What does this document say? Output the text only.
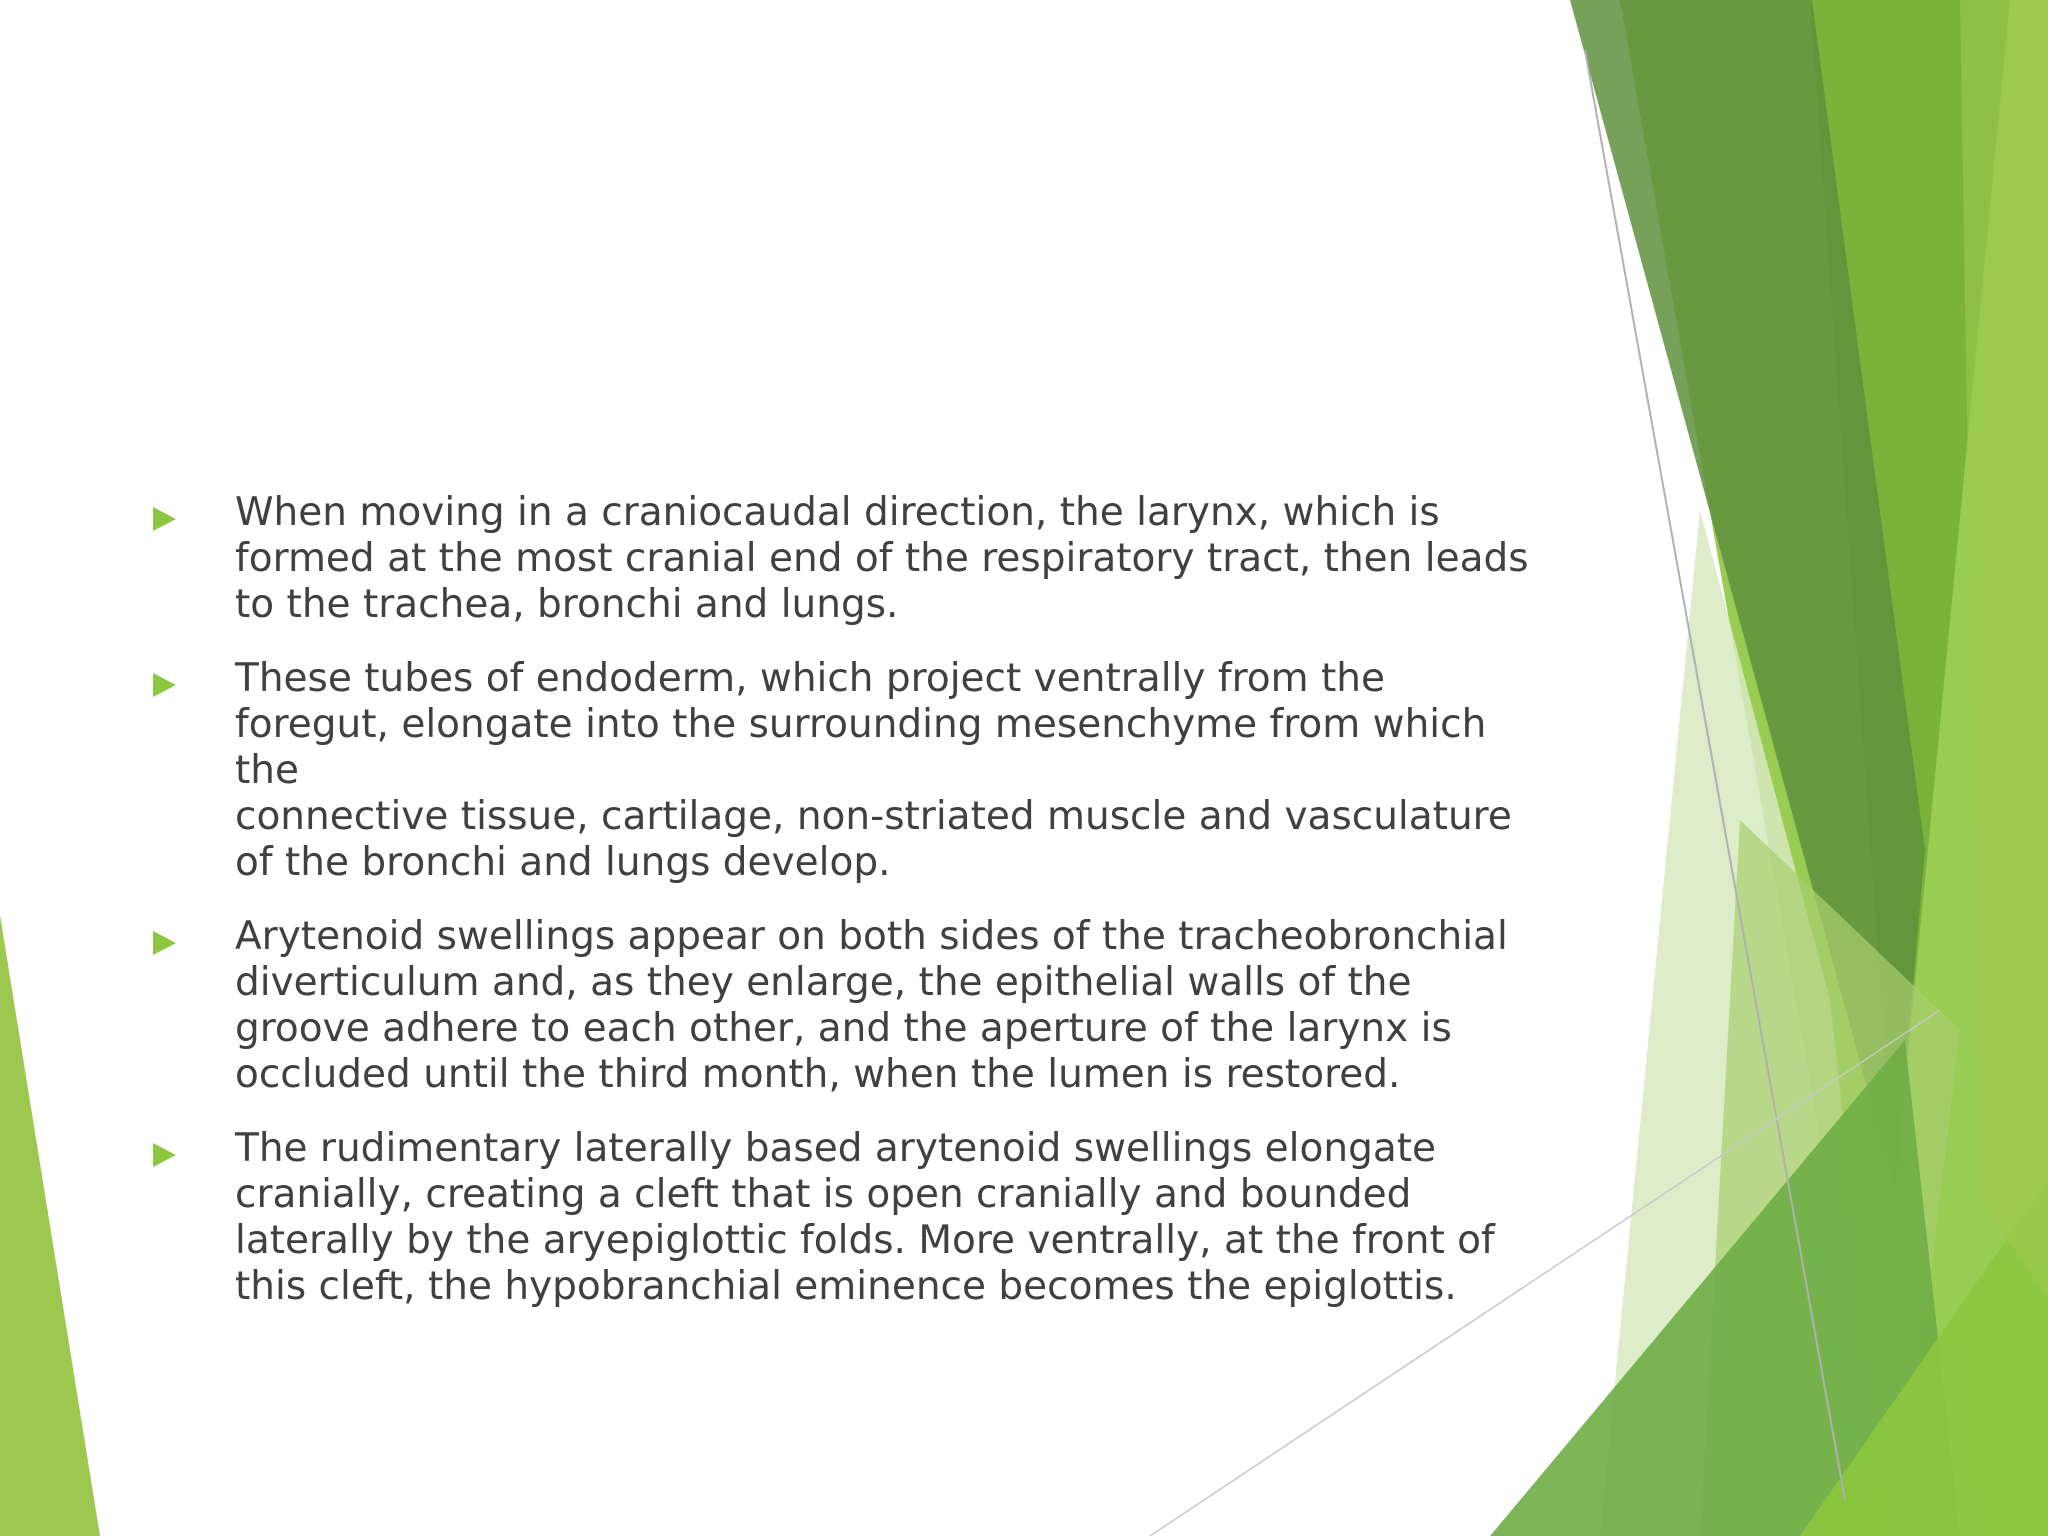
When moving in a craniocaudal direction, the larynx, which is
formed at the most cranial end of the respiratory tract, then leads
to the trachea, bronchi and lungs.

These tubes of endoderm, which project ventrally from the
foregut, elongate into the surrounding mesenchyme from which the
connective tissue, cartilage, non-striated muscle and vasculature
of the bronchi and lungs develop.

Arytenoid swellings appear on both sides of the tracheobronchial
diverticulum and, as they enlarge, the epithelial walls of the
groove adhere to each other, and the aperture of the larynx is
occluded until the third month, when the lumen is restored.

The rudimentary laterally based arytenoid swellings elongate
cranially, creating a cleft that is open cranially and bounded
laterally by the aryepiglottic folds. More ventrally, at the front of
this cleft, the hypobranchial eminence becomes the epiglottis.
